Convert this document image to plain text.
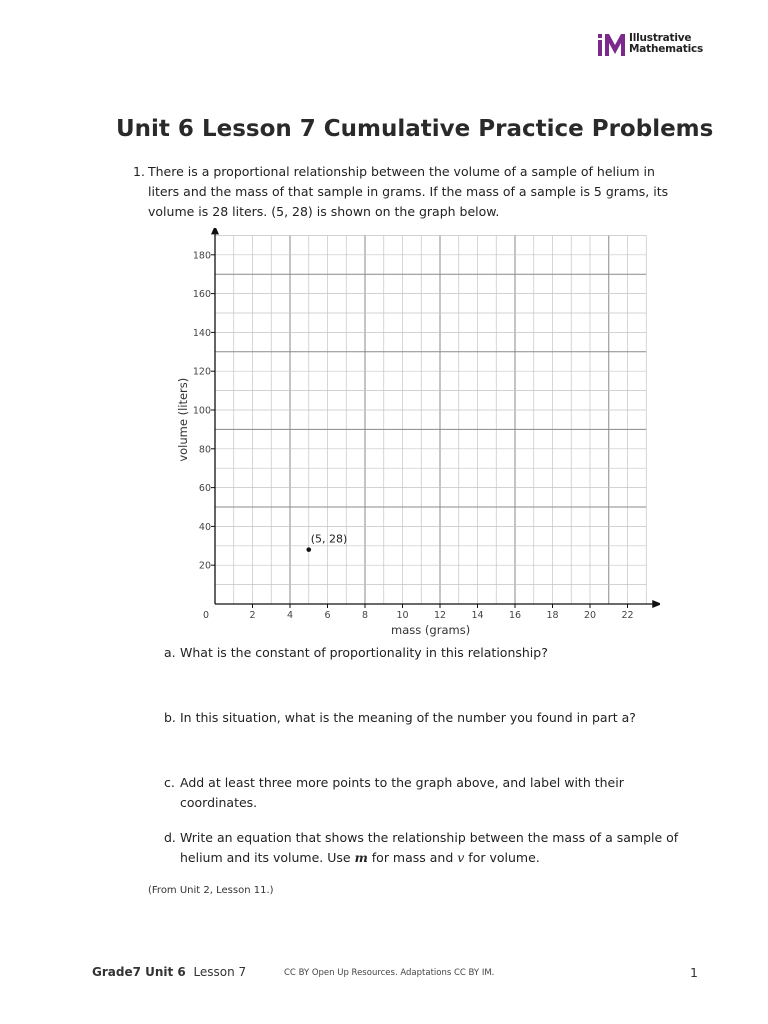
Illustrative
Mathematics
Unit 6 Lesson 7 Cumulative Practice Problems
1. There is a proportional relationship between the volume of a sample of helium in liters and the mass of that sample in grams. If the mass of a sample is 5 grams, its volume is 28 liters. (5, 28) is shown on the graph below.
2	4	6	8	10	12	14	16	18	20	22
20
40
60
80
100
120
140
160
180
0
mass (grams)
volume (liters)
(5, 28)
a. What is the constant of proportionality in this relationship?
b. In this situation, what is the meaning of the number you found in part a?
c. Add at least three more points to the graph above, and label with their coordinates.
d. Write an equation that shows the relationship between the mass of a sample of helium and its volume. Use m for mass and v for volume.
(From Unit 2, Lesson 11.)
Grade7 Unit 6 Lesson 7	CC BY Open Up Resources. Adaptations CC BY IM.	1
